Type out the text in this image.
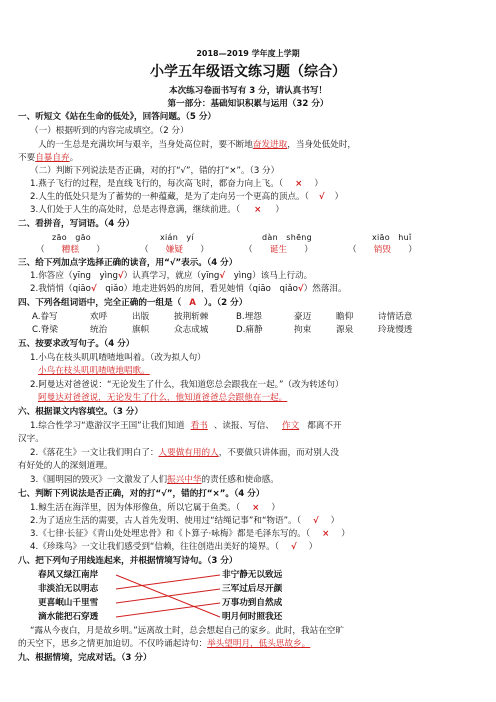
2018—2019 学年度上学期
小学五年级语文练习题（综合）
本次练习卷面书写有 3 分，请认真书写！
第一部分：基础知识积累与运用（32 分）
一、听短文《站在生命的低处》，回答问题。（5 分）
（一）根据听到的内容完成填空。（2 分）
人的一生总是充满坎坷与艰辛，当身处高位时，要不断地奋发进取，当身处低处时，
不要自暴自弃。
（二）判断下列说法是否正确，对的打“√”，错的打“×”。（3 分）
1.燕子飞行的过程，是直线飞行的，每次高飞时，都奋力向上飞。（ × ）
2.人生的低处只是为了蓄势的一种蕴藏，是为了走向另一个更高的顶点。（ √ ）
3.人们处于人生的高处时，总是志得意满，继续前进。（ × ）
二、看拼音，写词语。（4 分）
zāo　gāo	xián　yí	dàn　shēng	xiāo　huǐ
（　　糟糕　　）	（　　嫌疑　　）	（　　诞生　　）	（　　销毁　　）
三、给下列加点字选择正确的读音，用“√”表示。（4 分）
1.你答应（yīng　yìng√）认真学习，就应（yīng√　yìng）该马上行动。
2.我悄悄（qiāo√　qiǎo）地走进妈妈的房间，看见她悄（qiāo　qiǎo√）然落泪。
四、下列各组词语中，完全正确的一组是（ A ）。（2 分）
A.眷写	欢呼	出版	披荆斩棘	B.埋怨	豪迈	瞻仰	诗情话意
C.脊梁	统治	旗帜	众志成城	D.痛静	拘束	源泉	玲珑慢透
五、按要求改写句子。（4 分）
1.小鸟在枝头叽叽喳喳地叫着。（改为拟人句）
小鸟在枝头叽叽喳喳地唱歌。
2.阿曼达对爸爸说：“无论发生了什么，我知道您总会跟我在一起。”（改为转述句）
阿曼达对爸爸说，无论发生了什么，他知道爸爸总会跟他在一起。
六、根据课文内容填空。（3 分）
1.综合性学习“遨游汉字王国”让我们知道 看书 、读报、写信、 作文 都离不开
汉字。
2.《落花生》一文让我们明白了：人要做有用的人，不要做只讲体面，而对别人没
有好处的人的深刻道理。
3.《圆明园的毁灭》一文激发了人们振兴中华的责任感和使命感。
七、判断下列说法是否正确，对的打“√”，错的打“×”。（4 分）
1.鲸生活在海洋里，因为体形像鱼，所以它属于鱼类。（ × ）
2.为了适应生活的需要，古人首先发明、使用过“结绳记事”和“物语”。（ √ ）
3.《七律·长征》《青山处处埋忠骨》和《卜算子·咏梅》都是毛泽东写的。（ × ）
4.《珍珠鸟》一文让我们感受到“信赖，往往创造出美好的境界。（ √ ）
八、把下列句子用线连起来，并根据情境写诗句。（3 分）
春风又绿江南岸
非淡泊无以明志
更喜岷山千里雪
滴水能把石穿透
非宁静无以致远
三军过后尽开颜
万事功到自然成
明月何时照我还
“露从今夜白，月是故乡明。”远离故土时，总会想起自己的家乡。此时，我站在空旷
的天空下，思乡之情更加迫切。不仅吟诵起诗句：举头望明月，低头思故乡。
九、根据情境，完成对话。（3 分）
